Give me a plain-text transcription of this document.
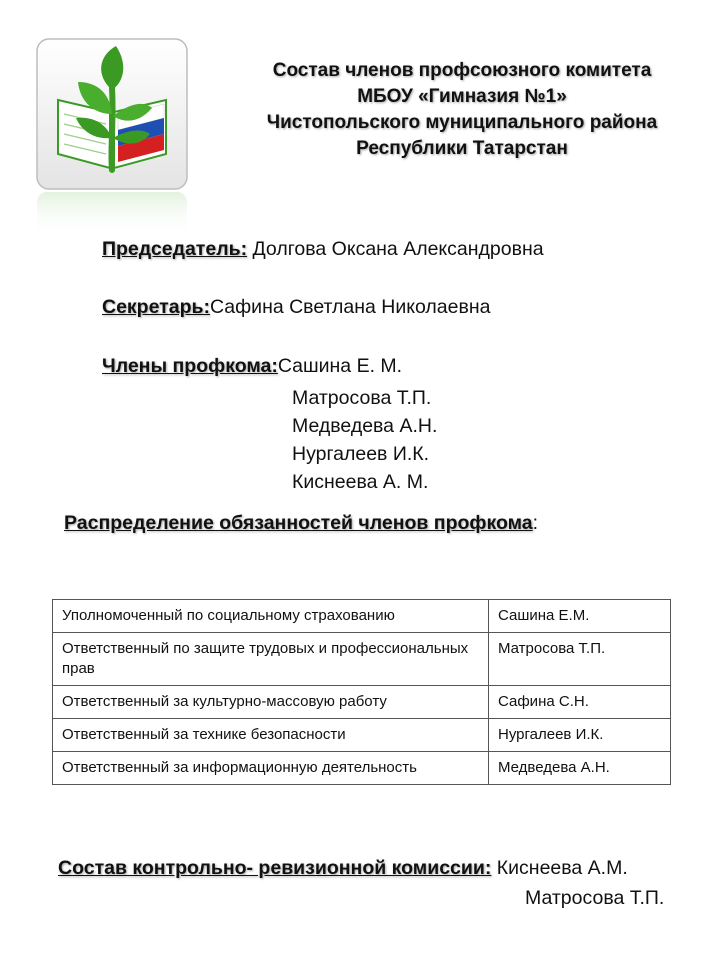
Состав членов профсоюзного комитета
МБОУ «Гимназия №1»
Чистопольского муниципального района
Республики Татарстан
Председатель: Долгова Оксана Александровна
Секретарь:Сафина Светлана Николаевна
Члены профкома:Сашина Е. М.
Матросова Т.П.
Медведева А.Н.
Нургалеев И.К.
Киснеева А. М.
Распределение обязанностей членов профкома:
Уполномоченный по социальному страхованию	Сашина Е.М.
Ответственный по защите трудовых и профессиональных прав	Матросова Т.П.
Ответственный за культурно-массовую работу	Сафина С.Н.
Ответственный за технике безопасности	Нургалеев И.К.
Ответственный за информационную деятельность	Медведева А.Н.
Состав контрольно- ревизионной комиссии: Киснеева А.М.
Матросова Т.П.
